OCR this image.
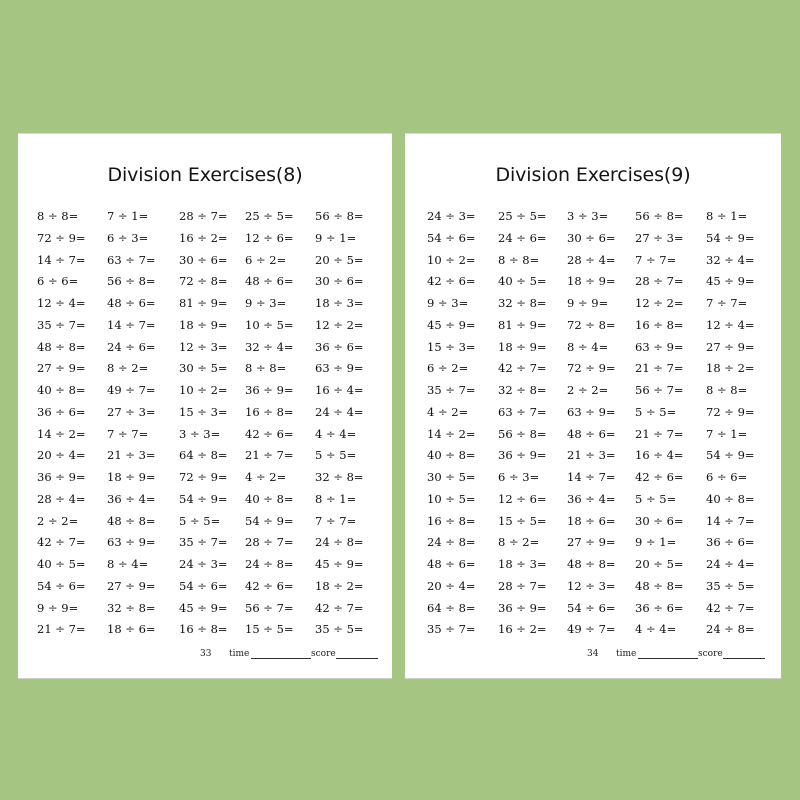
Division Exercises(8)
8 ÷ 8=	7 ÷ 1=	28 ÷ 7=	25 ÷ 5=	56 ÷ 8=
72 ÷ 9=	6 ÷ 3=	16 ÷ 2=	12 ÷ 6=	9 ÷ 1=
14 ÷ 7=	63 ÷ 7=	30 ÷ 6=	6 ÷ 2=	20 ÷ 5=
6 ÷ 6=	56 ÷ 8=	72 ÷ 8=	48 ÷ 6=	30 ÷ 6=
12 ÷ 4=	48 ÷ 6=	81 ÷ 9=	9 ÷ 3=	18 ÷ 3=
35 ÷ 7=	14 ÷ 7=	18 ÷ 9=	10 ÷ 5=	12 ÷ 2=
48 ÷ 8=	24 ÷ 6=	12 ÷ 3=	32 ÷ 4=	36 ÷ 6=
27 ÷ 9=	8 ÷ 2=	30 ÷ 5=	8 ÷ 8=	63 ÷ 9=
40 ÷ 8=	49 ÷ 7=	10 ÷ 2=	36 ÷ 9=	16 ÷ 4=
36 ÷ 6=	27 ÷ 3=	15 ÷ 3=	16 ÷ 8=	24 ÷ 4=
14 ÷ 2=	7 ÷ 7=	3 ÷ 3=	42 ÷ 6=	4 ÷ 4=
20 ÷ 4=	21 ÷ 3=	64 ÷ 8=	21 ÷ 7=	5 ÷ 5=
36 ÷ 9=	18 ÷ 9=	72 ÷ 9=	4 ÷ 2=	32 ÷ 8=
28 ÷ 4=	36 ÷ 4=	54 ÷ 9=	40 ÷ 8=	8 ÷ 1=
2 ÷ 2=	48 ÷ 8=	5 ÷ 5=	54 ÷ 9=	7 ÷ 7=
42 ÷ 7=	63 ÷ 9=	35 ÷ 7=	28 ÷ 7=	24 ÷ 8=
40 ÷ 5=	8 ÷ 4=	24 ÷ 3=	24 ÷ 8=	45 ÷ 9=
54 ÷ 6=	27 ÷ 9=	54 ÷ 6=	42 ÷ 6=	18 ÷ 2=
9 ÷ 9=	32 ÷ 8=	45 ÷ 9=	56 ÷ 7=	42 ÷ 7=
21 ÷ 7=	18 ÷ 6=	16 ÷ 8=	15 ÷ 5=	35 ÷ 5=
33 time	score
Division Exercises(9)
24 ÷ 3=	25 ÷ 5=	3 ÷ 3=	56 ÷ 8=	8 ÷ 1=
54 ÷ 6=	24 ÷ 6=	30 ÷ 6=	27 ÷ 3=	54 ÷ 9=
10 ÷ 2=	8 ÷ 8=	28 ÷ 4=	7 ÷ 7=	32 ÷ 4=
42 ÷ 6=	40 ÷ 5=	18 ÷ 9=	28 ÷ 7=	45 ÷ 9=
9 ÷ 3=	32 ÷ 8=	9 ÷ 9=	12 ÷ 2=	7 ÷ 7=
45 ÷ 9=	81 ÷ 9=	72 ÷ 8=	16 ÷ 8=	12 ÷ 4=
15 ÷ 3=	18 ÷ 9=	8 ÷ 4=	63 ÷ 9=	27 ÷ 9=
6 ÷ 2=	42 ÷ 7=	72 ÷ 9=	21 ÷ 7=	18 ÷ 2=
35 ÷ 7=	32 ÷ 8=	2 ÷ 2=	56 ÷ 7=	8 ÷ 8=
4 ÷ 2=	63 ÷ 7=	63 ÷ 9=	5 ÷ 5=	72 ÷ 9=
14 ÷ 2=	56 ÷ 8=	48 ÷ 6=	21 ÷ 7=	7 ÷ 1=
40 ÷ 8=	36 ÷ 9=	21 ÷ 3=	16 ÷ 4=	54 ÷ 9=
30 ÷ 5=	6 ÷ 3=	14 ÷ 7=	42 ÷ 6=	6 ÷ 6=
10 ÷ 5=	12 ÷ 6=	36 ÷ 4=	5 ÷ 5=	40 ÷ 8=
16 ÷ 8=	15 ÷ 5=	18 ÷ 6=	30 ÷ 6=	14 ÷ 7=
24 ÷ 8=	8 ÷ 2=	27 ÷ 9=	9 ÷ 1=	36 ÷ 6=
48 ÷ 6=	18 ÷ 3=	48 ÷ 8=	20 ÷ 5=	24 ÷ 4=
20 ÷ 4=	28 ÷ 7=	12 ÷ 3=	48 ÷ 8=	35 ÷ 5=
64 ÷ 8=	36 ÷ 9=	54 ÷ 6=	36 ÷ 6=	42 ÷ 7=
35 ÷ 7=	16 ÷ 2=	49 ÷ 7=	4 ÷ 4=	24 ÷ 8=
34 time	score
